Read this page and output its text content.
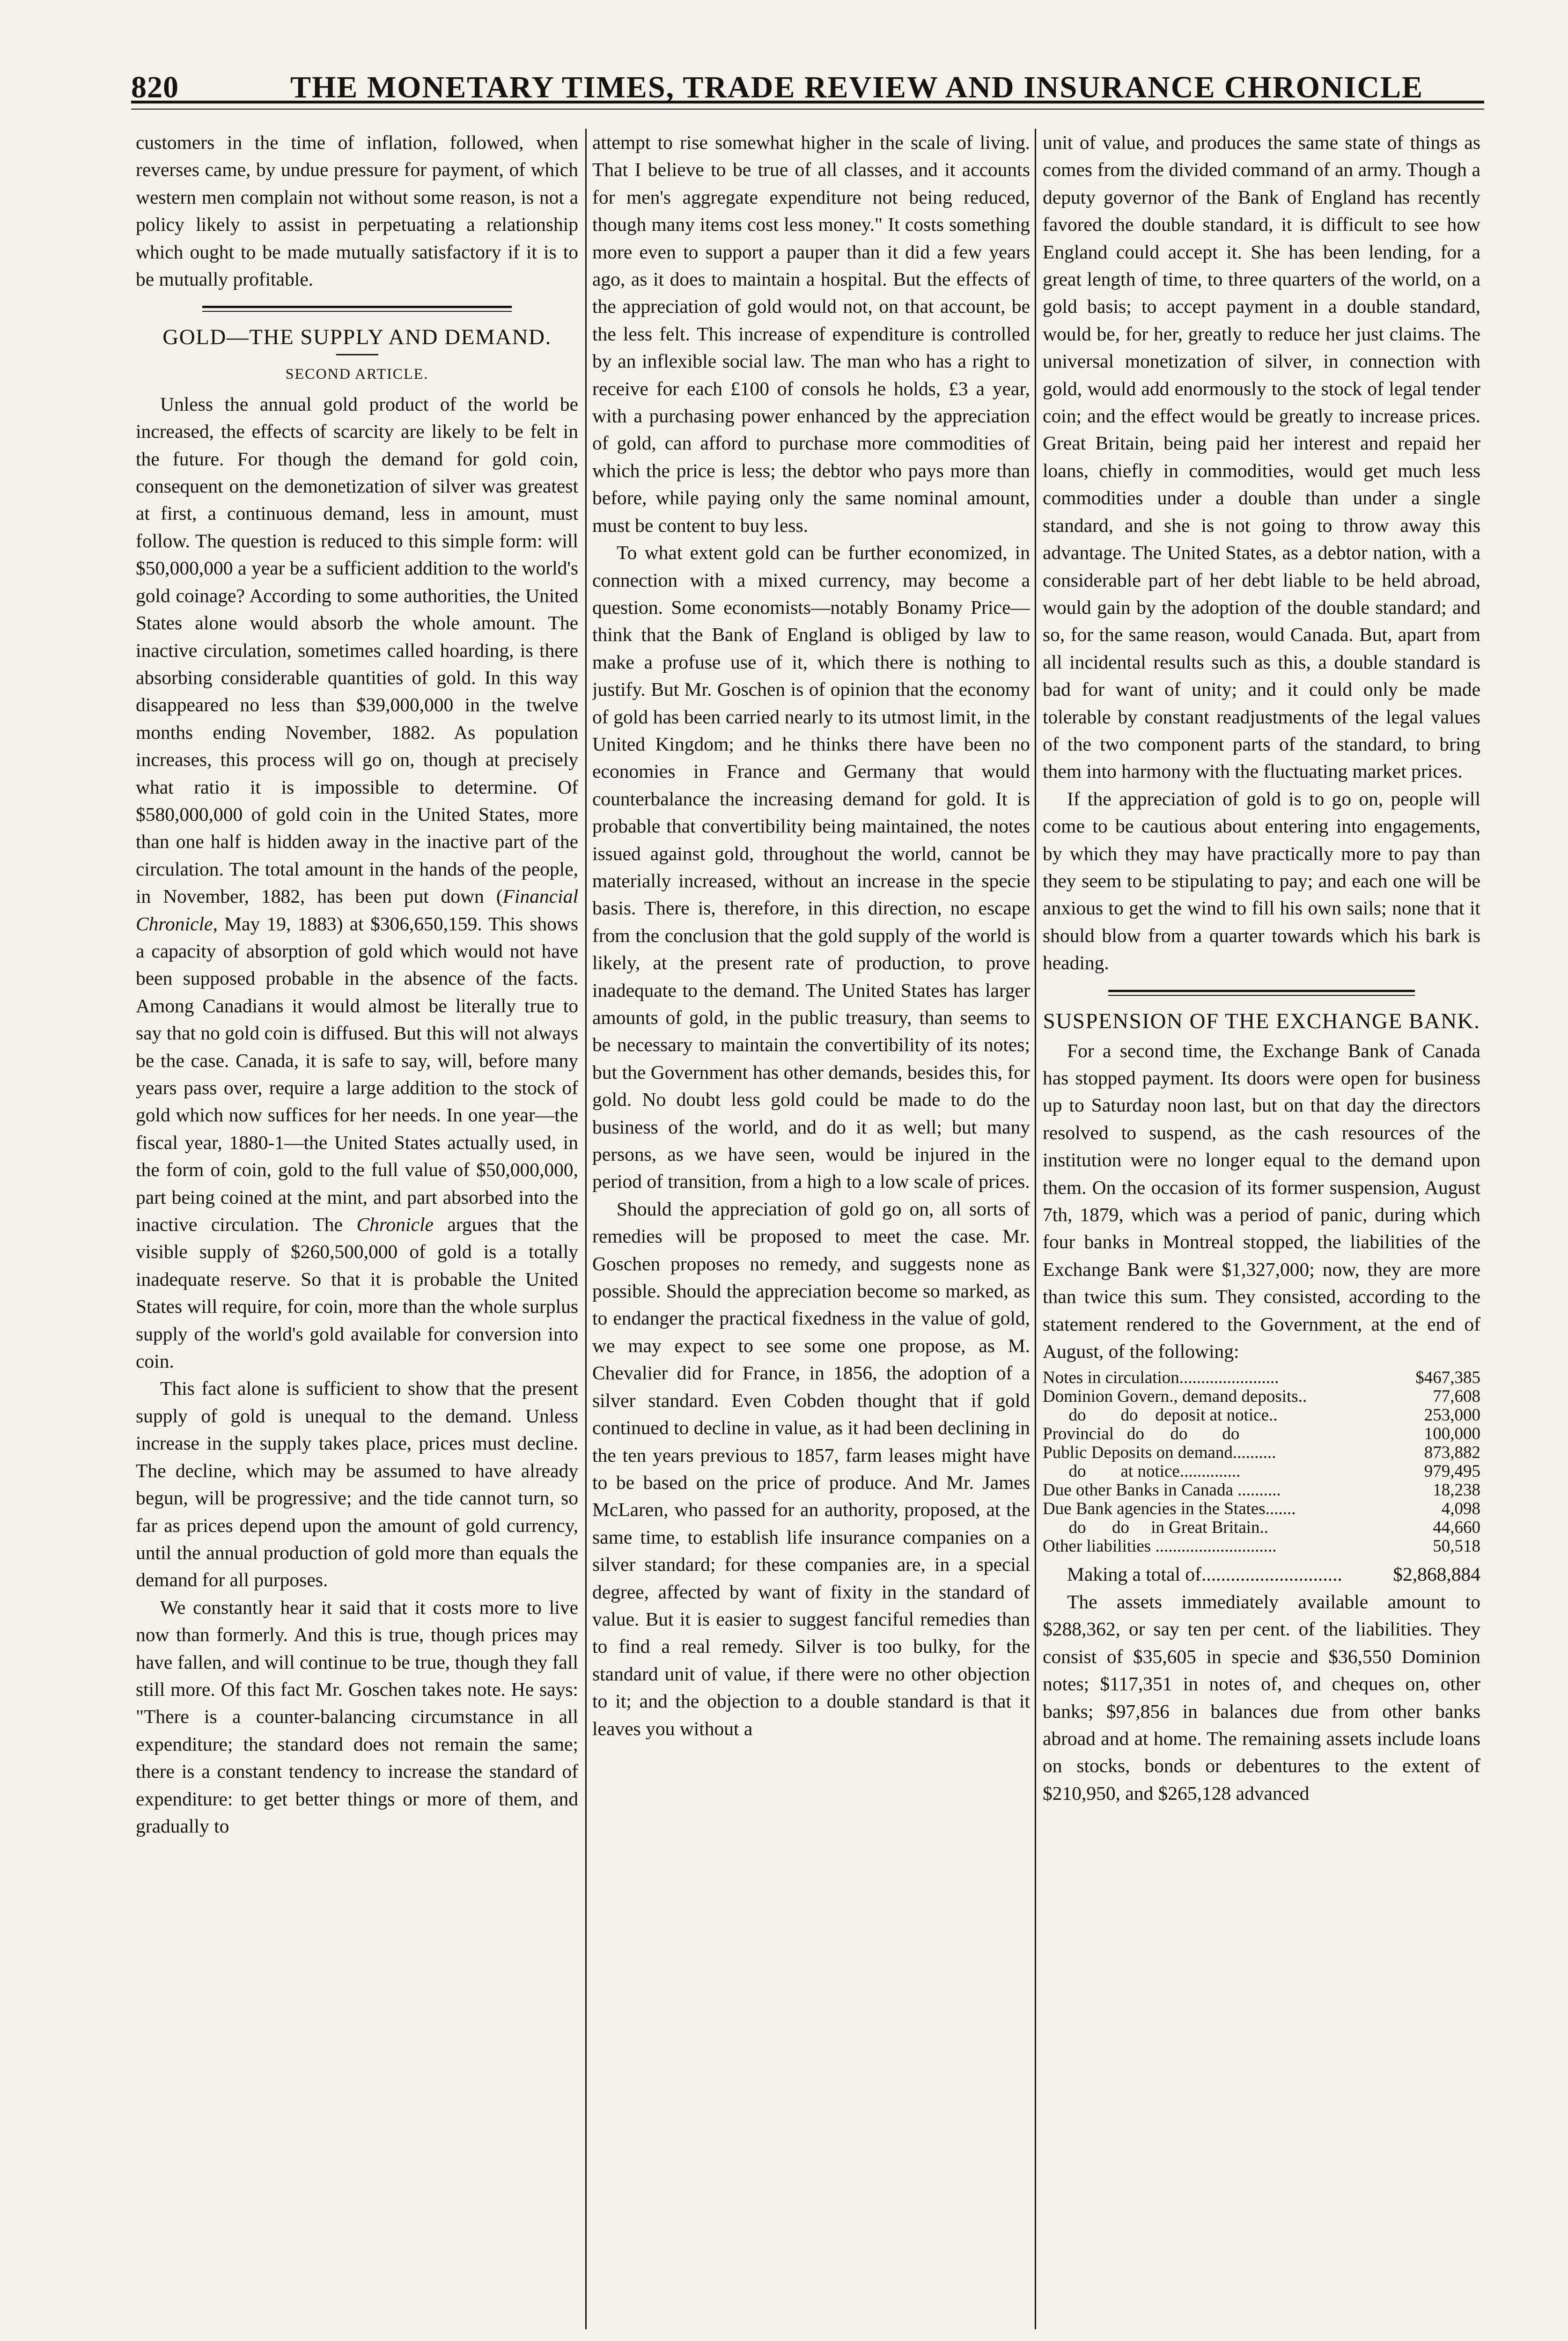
820	THE MONETARY TIMES, TRADE REVIEW AND INSURANCE CHRONICLE

customers in the time of inflation, followed, when reverses came, by undue pressure for payment, of which western men complain not without some reason, is not a policy likely to assist in perpetuating a relationship which ought to be made mutually satisfactory if it is to be mutually profitable.

GOLD—THE SUPPLY AND DEMAND.
SECOND ARTICLE.

Unless the annual gold product of the world be increased, the effects of scarcity are likely to be felt in the future. For though the demand for gold coin, consequent on the demonetization of silver was greatest at first, a continuous demand, less in amount, must follow. The question is reduced to this simple form: will $50,000,000 a year be a sufficient addition to the world's gold coinage? According to some authorities, the United States alone would absorb the whole amount. The inactive circulation, sometimes called hoarding, is there absorbing considerable quantities of gold. In this way disappeared no less than $39,000,000 in the twelve months ending November, 1882. As population increases, this process will go on, though at precisely what ratio it is impossible to determine. Of $580,000,000 of gold coin in the United States, more than one half is hidden away in the inactive part of the circulation. The total amount in the hands of the people, in November, 1882, has been put down (Financial Chronicle, May 19, 1883) at $306,650,159. This shows a capacity of absorption of gold which would not have been supposed probable in the absence of the facts. Among Canadians it would almost be literally true to say that no gold coin is diffused. But this will not always be the case. Canada, it is safe to say, will, before many years pass over, require a large addition to the stock of gold which now suffices for her needs. In one year—the fiscal year, 1880-1—the United States actually used, in the form of coin, gold to the full value of $50,000,000, part being coined at the mint, and part absorbed into the inactive circulation. The Chronicle argues that the visible supply of $260,500,000 of gold is a totally inadequate reserve. So that it is probable the United States will require, for coin, more than the whole surplus supply of the world's gold available for conversion into coin.

This fact alone is sufficient to show that the present supply of gold is unequal to the demand. Unless increase in the supply takes place, prices must decline. The decline, which may be assumed to have already begun, will be progressive; and the tide cannot turn, so far as prices depend upon the amount of gold currency, until the annual production of gold more than equals the demand for all purposes.

We constantly hear it said that it costs more to live now than formerly. And this is true, though prices may have fallen, and will continue to be true, though they fall still more. Of this fact Mr. Goschen takes note. He says: "There is a counter-balancing circumstance in all expenditure; the standard does not remain the same; there is a constant tendency to increase the standard of expenditure: to get better things or more of them, and gradually to

attempt to rise somewhat higher in the scale of living. That I believe to be true of all classes, and it accounts for men's aggregate expenditure not being reduced, though many items cost less money." It costs something more even to support a pauper than it did a few years ago, as it does to maintain a hospital. But the effects of the appreciation of gold would not, on that account, be the less felt. This increase of expenditure is controlled by an inflexible social law. The man who has a right to receive for each £100 of consols he holds, £3 a year, with a purchasing power enhanced by the appreciation of gold, can afford to purchase more commodities of which the price is less; the debtor who pays more than before, while paying only the same nominal amount, must be content to buy less.

To what extent gold can be further economized, in connection with a mixed currency, may become a question. Some economists—notably Bonamy Price—think that the Bank of England is obliged by law to make a profuse use of it, which there is nothing to justify. But Mr. Goschen is of opinion that the economy of gold has been carried nearly to its utmost limit, in the United Kingdom; and he thinks there have been no economies in France and Germany that would counterbalance the increasing demand for gold. It is probable that convertibility being maintained, the notes issued against gold, throughout the world, cannot be materially increased, without an increase in the specie basis. There is, therefore, in this direction, no escape from the conclusion that the gold supply of the world is likely, at the present rate of production, to prove inadequate to the demand. The United States has larger amounts of gold, in the public treasury, than seems to be necessary to maintain the convertibility of its notes; but the Government has other demands, besides this, for gold. No doubt less gold could be made to do the business of the world, and do it as well; but many persons, as we have seen, would be injured in the period of transition, from a high to a low scale of prices.

Should the appreciation of gold go on, all sorts of remedies will be proposed to meet the case. Mr. Goschen proposes no remedy, and suggests none as possible. Should the appreciation become so marked, as to endanger the practical fixedness in the value of gold, we may expect to see some one propose, as M. Chevalier did for France, in 1856, the adoption of a silver standard. Even Cobden thought that if gold continued to decline in value, as it had been declining in the ten years previous to 1857, farm leases might have to be based on the price of produce. And Mr. James McLaren, who passed for an authority, proposed, at the same time, to establish life insurance companies on a silver standard; for these companies are, in a special degree, affected by want of fixity in the standard of value. But it is easier to suggest fanciful remedies than to find a real remedy. Silver is too bulky, for the standard unit of value, if there were no other objection to it; and the objection to a double standard is that it leaves you without a

unit of value, and produces the same state of things as comes from the divided command of an army. Though a deputy governor of the Bank of England has recently favored the double standard, it is difficult to see how England could accept it. She has been lending, for a great length of time, to three quarters of the world, on a gold basis; to accept payment in a double standard, would be, for her, greatly to reduce her just claims. The universal monetization of silver, in connection with gold, would add enormously to the stock of legal tender coin; and the effect would be greatly to increase prices. Great Britain, being paid her interest and repaid her loans, chiefly in commodities, would get much less commodities under a double than under a single standard, and she is not going to throw away this advantage. The United States, as a debtor nation, with a considerable part of her debt liable to be held abroad, would gain by the adoption of the double standard; and so, for the same reason, would Canada. But, apart from all incidental results such as this, a double standard is bad for want of unity; and it could only be made tolerable by constant readjustments of the legal values of the two component parts of the standard, to bring them into harmony with the fluctuating market prices.

If the appreciation of gold is to go on, people will come to be cautious about entering into engagements, by which they may have practically more to pay than they seem to be stipulating to pay; and each one will be anxious to get the wind to fill his own sails; none that it should blow from a quarter towards which his bark is heading.

SUSPENSION OF THE EXCHANGE BANK.

For a second time, the Exchange Bank of Canada has stopped payment. Its doors were open for business up to Saturday noon last, but on that day the directors resolved to suspend, as the cash resources of the institution were no longer equal to the demand upon them. On the occasion of its former suspension, August 7th, 1879, which was a period of panic, during which four banks in Montreal stopped, the liabilities of the Exchange Bank were $1,327,000; now, they are more than twice this sum. They consisted, according to the statement rendered to the Government, at the end of August, of the following:

Notes in circulation.......................	$467,385
Dominion Govern., demand deposits..	77,608
do        do    deposit at notice..	253,000
Provincial   do      do        do	100,000
Public Deposits on demand..........	873,882
do        at notice..............	979,495
Due other Banks in Canada ..........	18,238
Due Bank agencies in the States.......	4,098
do      do     in Great Britain..	44,660
Other liabilities ............................	50,518
Making a total of.............................	$2,868,884

The assets immediately available amount to $288,362, or say ten per cent. of the liabilities. They consist of $35,605 in specie and $36,550 Dominion notes; $117,351 in notes of, and cheques on, other banks; $97,856 in balances due from other banks abroad and at home. The remaining assets include loans on stocks, bonds or debentures to the extent of $210,950, and $265,128 advanced
